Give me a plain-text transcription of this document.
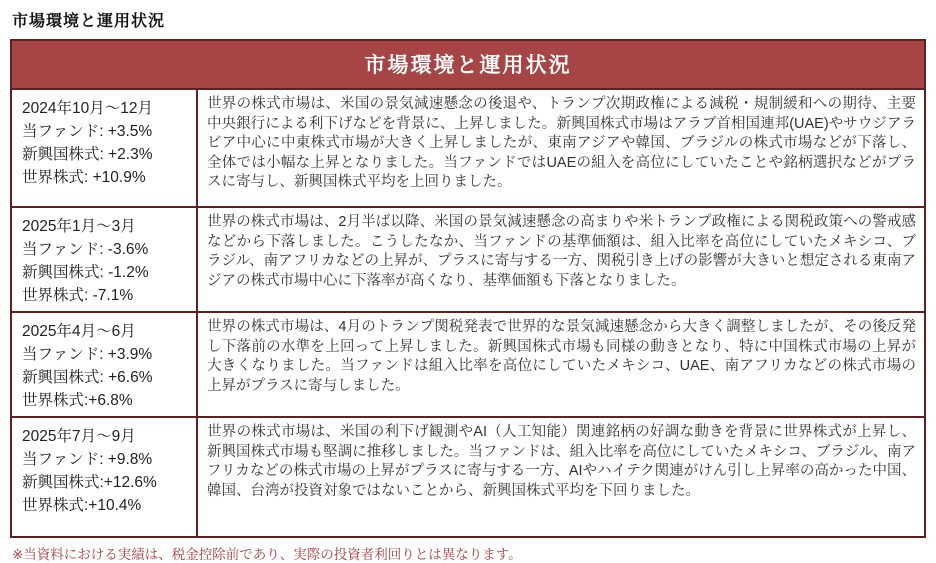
市場環境と運用状況
市場環境と運用状況
2024年10月～12月
当ファンド: +3.5%
新興国株式: +2.3%
世界株式: +10.9%
世界の株式市場は、米国の景気減速懸念の後退や、トランプ次期政権による減税・規制緩和への期待、主要中央銀行による利下げなどを背景に、上昇しました。新興国株式市場はアラブ首相国連邦(UAE)やサウジアラビア中心に中東株式市場が大きく上昇しましたが、東南アジアや韓国、ブラジルの株式市場などが下落し、全体では小幅な上昇となりました。当ファンドではUAEの組入を高位にしていたことや銘柄選択などがプラスに寄与し、新興国株式平均を上回りました。
2025年1月～3月
当ファンド: -3.6%
新興国株式: -1.2%
世界株式: -7.1%
世界の株式市場は、2月半ば以降、米国の景気減速懸念の高まりや米トランプ政権による関税政策への警戒感などから下落しました。こうしたなか、当ファンドの基準価額は、組入比率を高位にしていたメキシコ、ブラジル、南アフリカなどの上昇が、プラスに寄与する一方、関税引き上げの影響が大きいと想定される東南アジアの株式市場中心に下落率が高くなり、基準価額も下落となりました。
2025年4月～6月
当ファンド: +3.9%
新興国株式: +6.6%
世界株式:+6.8%
世界の株式市場は、4月のトランプ関税発表で世界的な景気減速懸念から大きく調整しましたが、その後反発し下落前の水準を上回って上昇しました。新興国株式市場も同様の動きとなり、特に中国株式市場の上昇が大きくなりました。当ファンドは組入比率を高位にしていたメキシコ、UAE、南アフリカなどの株式市場の上昇がプラスに寄与しました。
2025年7月～9月
当ファンド: +9.8%
新興国株式:+12.6%
世界株式:+10.4%
世界の株式市場は、米国の利下げ観測やAI（人工知能）関連銘柄の好調な動きを背景に世界株式が上昇し、新興国株式市場も堅調に推移しました。当ファンドは、組入比率を高位にしていたメキシコ、ブラジル、南アフリカなどの株式市場の上昇がプラスに寄与する一方、AIやハイテク関連がけん引し上昇率の高かった中国、韓国、台湾が投資対象ではないことから、新興国株式平均を下回りました。
※当資料における実績は、税金控除前であり、実際の投資者利回りとは異なります。
